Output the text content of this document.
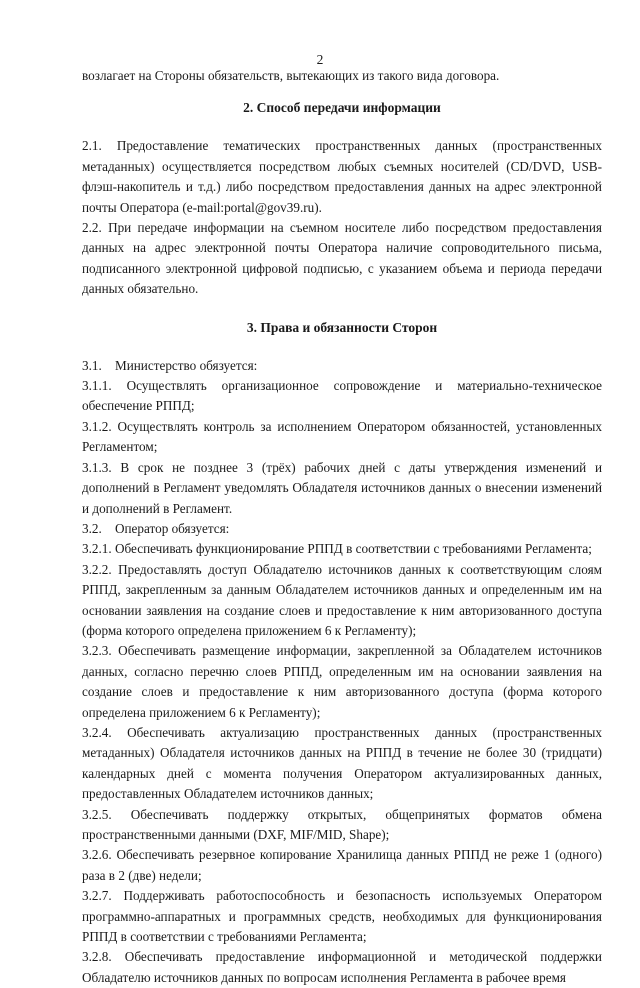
2

возлагает на Стороны обязательств, вытекающих из такого вида договора.

2. Способ передачи информации

2.1. Предоставление тематических пространственных данных (пространственных метаданных) осуществляется посредством любых съемных носителей (CD/DVD, USB-флэш-накопитель и т.д.) либо посредством предоставления данных на адрес электронной почты Оператора (e-mail:portal@gov39.ru).

2.2. При передаче информации на съемном носителе либо посредством предоставления данных на адрес электронной почты Оператора наличие сопроводительного письма, подписанного электронной цифровой подписью, с указанием объема и периода передачи данных обязательно.

3. Права и обязанности Сторон

3.1. Министерство обязуется:

3.1.1. Осуществлять организационное сопровождение и материально-техническое обеспечение РППД;

3.1.2. Осуществлять контроль за исполнением Оператором обязанностей, установленных Регламентом;

3.1.3. В срок не позднее 3 (трёх) рабочих дней с даты утверждения изменений и дополнений в Регламент уведомлять Обладателя источников данных о внесении изменений и дополнений в Регламент.

3.2. Оператор обязуется:

3.2.1. Обеспечивать функционирование РППД в соответствии с требованиями Регламента;

3.2.2. Предоставлять доступ Обладателю источников данных к соответствующим слоям РППД, закрепленным за данным Обладателем источников данных и определенным им на основании заявления на создание слоев и предоставление к ним авторизованного доступа (форма которого определена приложением 6 к Регламенту);

3.2.3. Обеспечивать размещение информации, закрепленной за Обладателем источников данных, согласно перечню слоев РППД, определенным им на основании заявления на создание слоев и предоставление к ним авторизованного доступа (форма которого определена приложением 6 к Регламенту);

3.2.4. Обеспечивать актуализацию пространственных данных (пространственных метаданных) Обладателя источников данных на РППД в течение не более 30 (тридцати) календарных дней с момента получения Оператором актуализированных данных, предоставленных Обладателем источников данных;

3.2.5. Обеспечивать поддержку открытых, общепринятых форматов обмена пространственными данными (DXF, MIF/MID, Shape);

3.2.6. Обеспечивать резервное копирование Хранилища данных РППД не реже 1 (одного) раза в 2 (две) недели;

3.2.7. Поддерживать работоспособность и безопасность используемых Оператором программно-аппаратных и программных средств, необходимых для функционирования РППД в соответствии с требованиями Регламента;

3.2.8. Обеспечивать предоставление информационной и методической поддержки Обладателю источников данных по вопросам исполнения Регламента в рабочее время
